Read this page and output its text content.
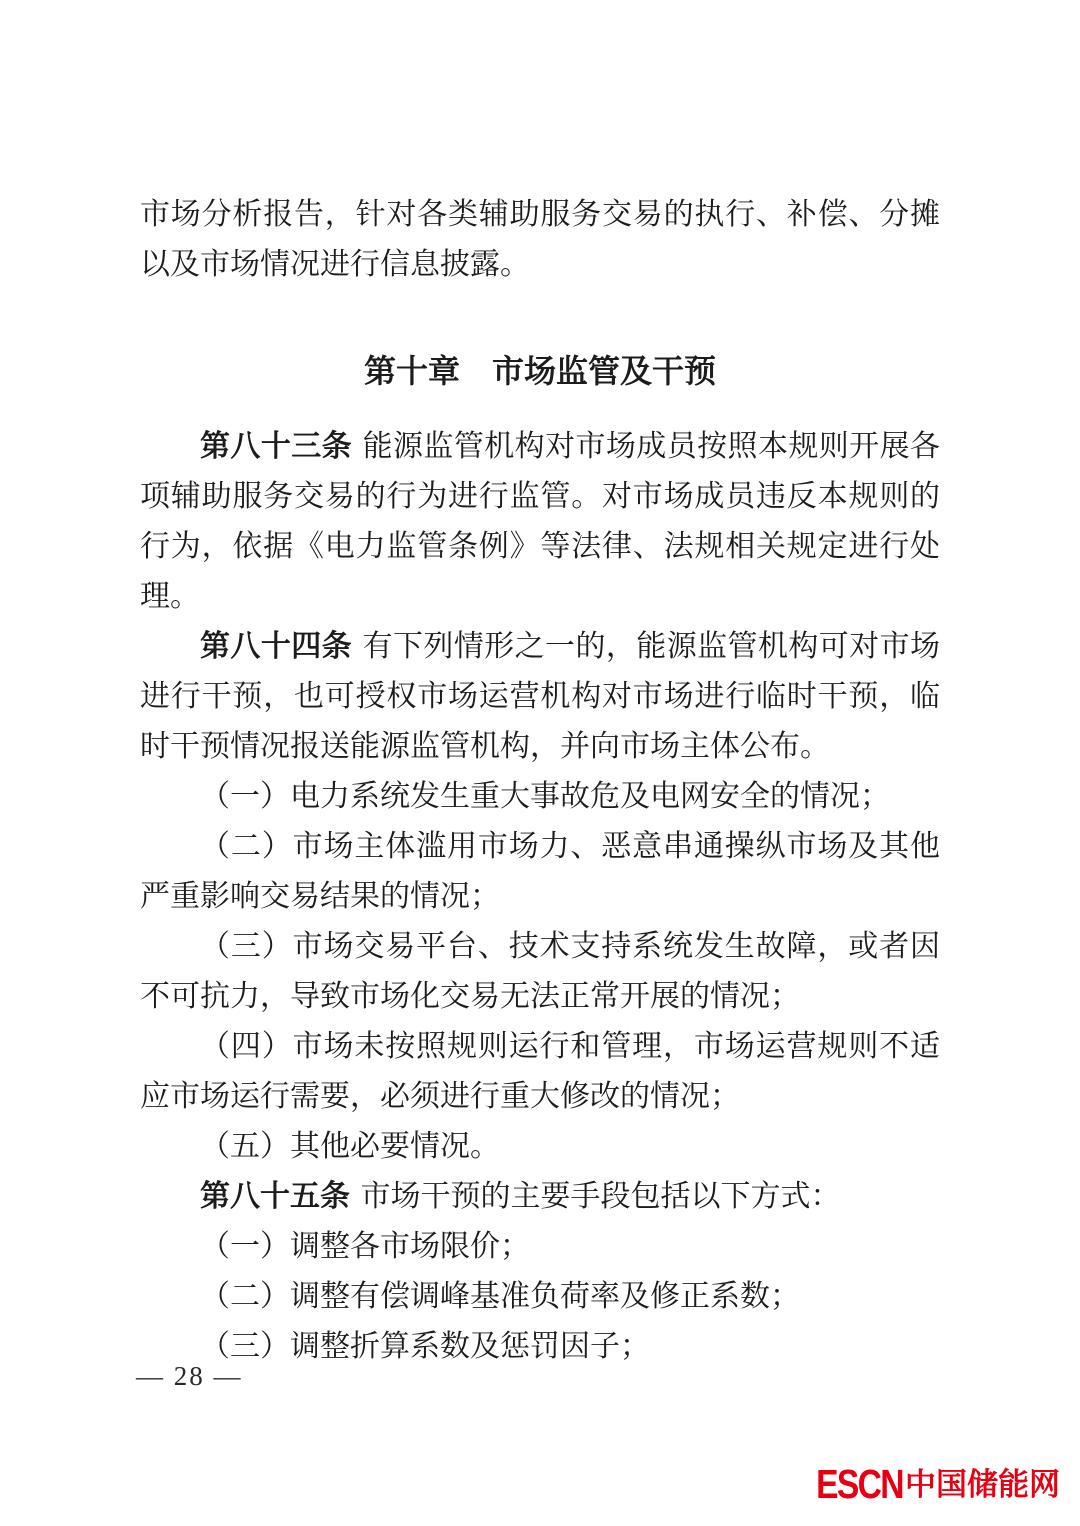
市场分析报告，针对各类辅助服务交易的执行、补偿、分摊以及市场情况进行信息披露。

第十章　市场监管及干预

第八十三条 能源监管机构对市场成员按照本规则开展各项辅助服务交易的行为进行监管。对市场成员违反本规则的行为，依据《电力监管条例》等法律、法规相关规定进行处理。

第八十四条 有下列情形之一的，能源监管机构可对市场进行干预，也可授权市场运营机构对市场进行临时干预，临时干预情况报送能源监管机构，并向市场主体公布。

（一）电力系统发生重大事故危及电网安全的情况；

（二）市场主体滥用市场力、恶意串通操纵市场及其他严重影响交易结果的情况；

（三）市场交易平台、技术支持系统发生故障，或者因不可抗力，导致市场化交易无法正常开展的情况；

（四）市场未按照规则运行和管理，市场运营规则不适应市场运行需要，必须进行重大修改的情况；

（五）其他必要情况。

第八十五条 市场干预的主要手段包括以下方式：

（一）调整各市场限价；

（二）调整有偿调峰基准负荷率及修正系数；

（三）调整折算系数及惩罚因子；

— 28 —
ESCN 中国储能网
